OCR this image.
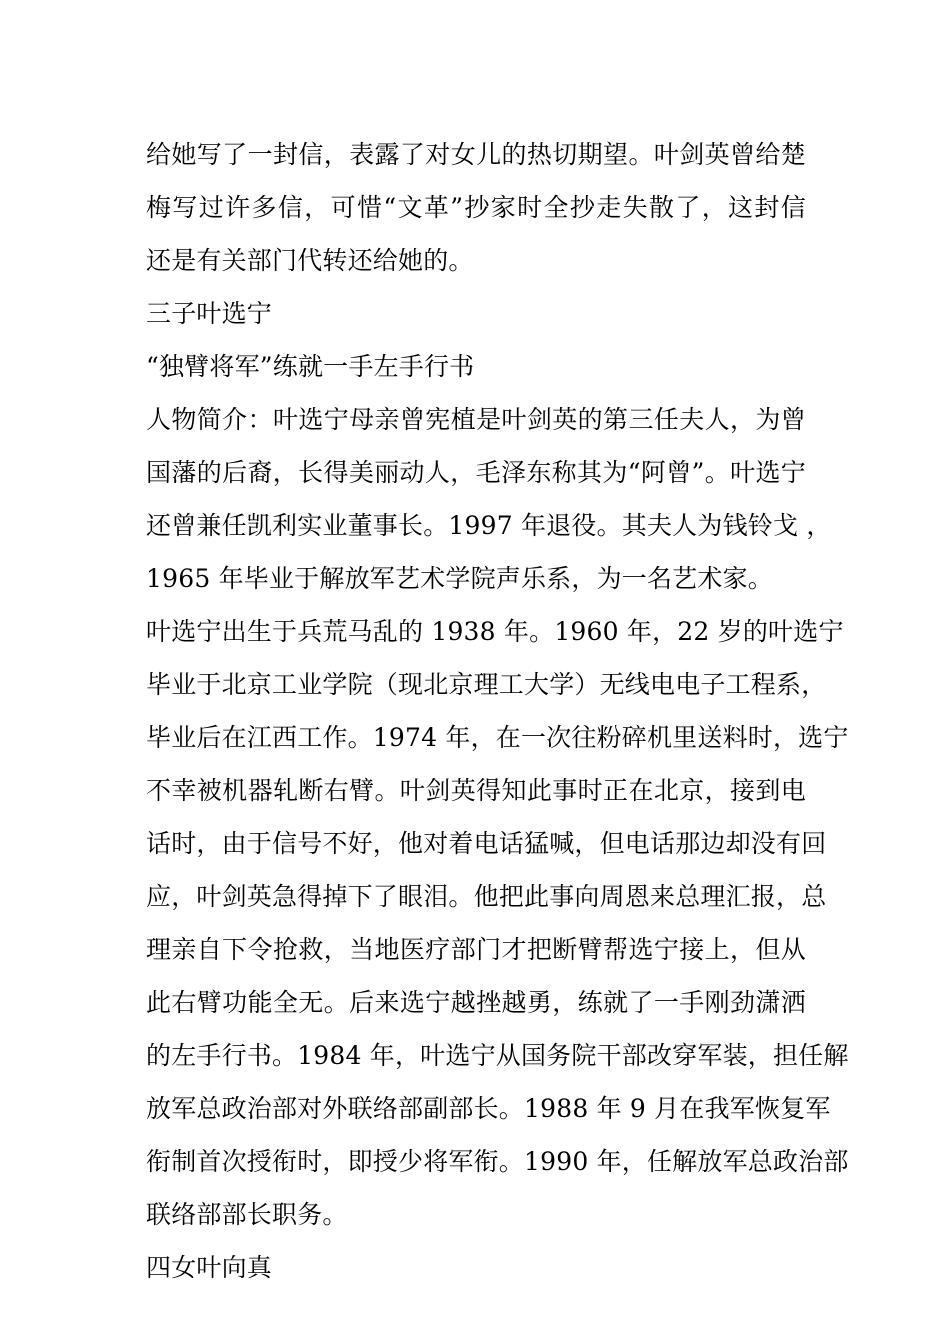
给她写了一封信，表露了对女儿的热切期望。叶剑英曾给楚
梅写过许多信，可惜“文革”抄家时全抄走失散了，这封信
还是有关部门代转还给她的。
三子叶选宁
“独臂将军”练就一手左手行书
人物简介：叶选宁母亲曾宪植是叶剑英的第三任夫人，为曾
国藩的后裔，长得美丽动人，毛泽东称其为“阿曾”。叶选宁
还曾兼任凯利实业董事长。1997 年退役。其夫人为钱铃戈 ，
1965 年毕业于解放军艺术学院声乐系，为一名艺术家。
叶选宁出生于兵荒马乱的 1938 年。1960 年，22 岁的叶选宁
毕业于北京工业学院（现北京理工大学）无线电电子工程系，
毕业后在江西工作。1974 年，在一次往粉碎机里送料时，选宁
不幸被机器轧断右臂。叶剑英得知此事时正在北京，接到电
话时，由于信号不好，他对着电话猛喊，但电话那边却没有回
应，叶剑英急得掉下了眼泪。他把此事向周恩来总理汇报，总
理亲自下令抢救，当地医疗部门才把断臂帮选宁接上，但从
此右臂功能全无。后来选宁越挫越勇，练就了一手刚劲潇洒
的左手行书。1984 年，叶选宁从国务院干部改穿军装，担任解
放军总政治部对外联络部副部长。1988 年 9 月在我军恢复军
衔制首次授衔时，即授少将军衔。1990 年，任解放军总政治部
联络部部长职务。
四女叶向真
